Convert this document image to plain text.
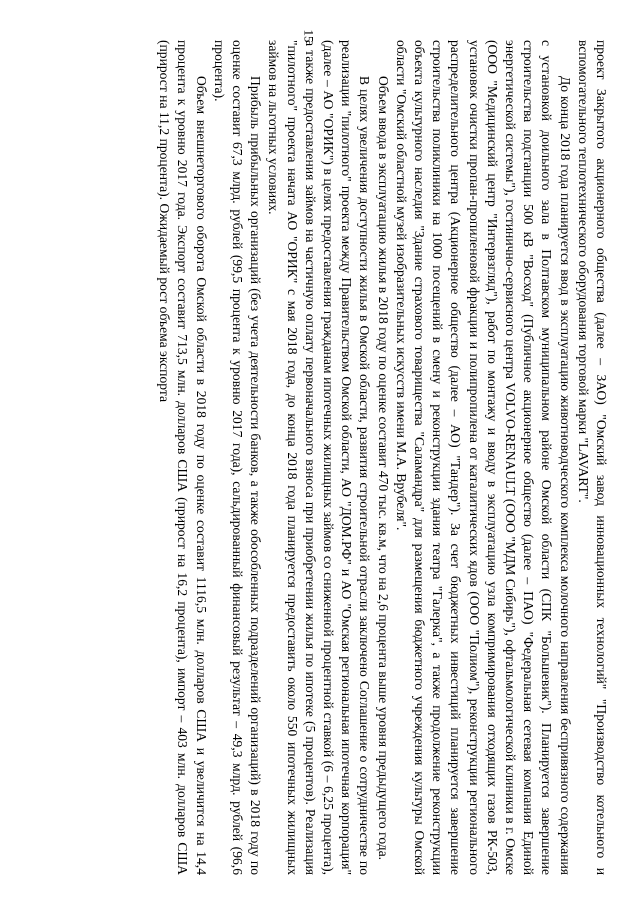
15

проект Закрытого акционерного общества (далее – ЗАО) "Омский завод инновационных технологий" "Производство котельного и вспомогательного теплотехнического оборудования торговой марки "LAVART".

До конца 2018 года планируется ввод в эксплуатацию животноводческого комплекса молочного направления беспривязного содержания с установкой доильного зала в Полтавском муниципальном районе Омской области (СПК "Большевик"). Планируется завершение строительства подстанции 500 кВ "Восход" (Публичное акционерное общество (далее – ПАО) "Федеральная сетевая компания Единой энергетической системы"), гостинично-сервисного центра VOLVO-RENAULT (ООО "МДМ Сибирь"), офтальмологической клиники в г. Омске (ООО "Медицинский центр "Интервзгляд"), работ по монтажу и вводу в эксплуатацию узла компримирования отходящих газов РК-503, установок очистки пропан-пропиленовой фракции и полипропилена от каталитических ядов (ООО "Полиом"), реконструкции регионального распределительного центра (Акционерное общество (далее – АО) "Тандер"). За счет бюджетных инвестиций планируется завершение строительства поликлиники на 1000 посещений в смену и реконструкции здания театра "Галерка", а также продолжение реконструкции объекта культурного наследия "Здание страхового товарищества "Саламандра" для размещения бюджетного учреждения культуры Омской области "Омский областной музей изобразительных искусств имени М.А. Врубеля".

Объем ввода в эксплуатацию жилья в 2018 году по оценке составит 470 тыс. кв.м, что на 2,6 процента выше уровня предыдущего года.

В целях увеличения доступности жилья в Омской области, развития строительной отрасли заключено Соглашение о сотрудничестве по реализации "пилотного" проекта между Правительством Омской области, АО "ДОМ.РФ" и АО "Омская региональная ипотечная корпорация" (далее – АО "ОРИК") в целях предоставления гражданам ипотечных жилищных займов со сниженной процентной ставкой (6 – 6,25 процента), а также предоставления займов на частичную оплату первоначального взноса при приобретении жилья по ипотеке (5 процентов). Реализация "пилотного" проекта начата АО "ОРИК" с мая 2018 года, до конца 2018 года планируется предоставить около 550 ипотечных жилищных займов на льготных условиях.

Прибыль прибыльных организаций (без учета деятельности банков, а также обособленных подразделений организаций) в 2018 году по оценке составит 67,3 млрд. рублей (99,5 процента к уровню 2017 года), сальдированный финансовый результат – 49,3 млрд. рублей (96,6 процента).

Объем внешнеторгового оборота Омской области в 2018 году по оценке составит 1116,5 млн. долларов США и увеличится на 14,4 процента к уровню 2017 года. Экспорт составит 713,5 млн. долларов США (прирост на 16,2 процента), импорт – 403 млн. долларов США (прирост на 11,2 процента). Ожидаемый рост объема экспорта
